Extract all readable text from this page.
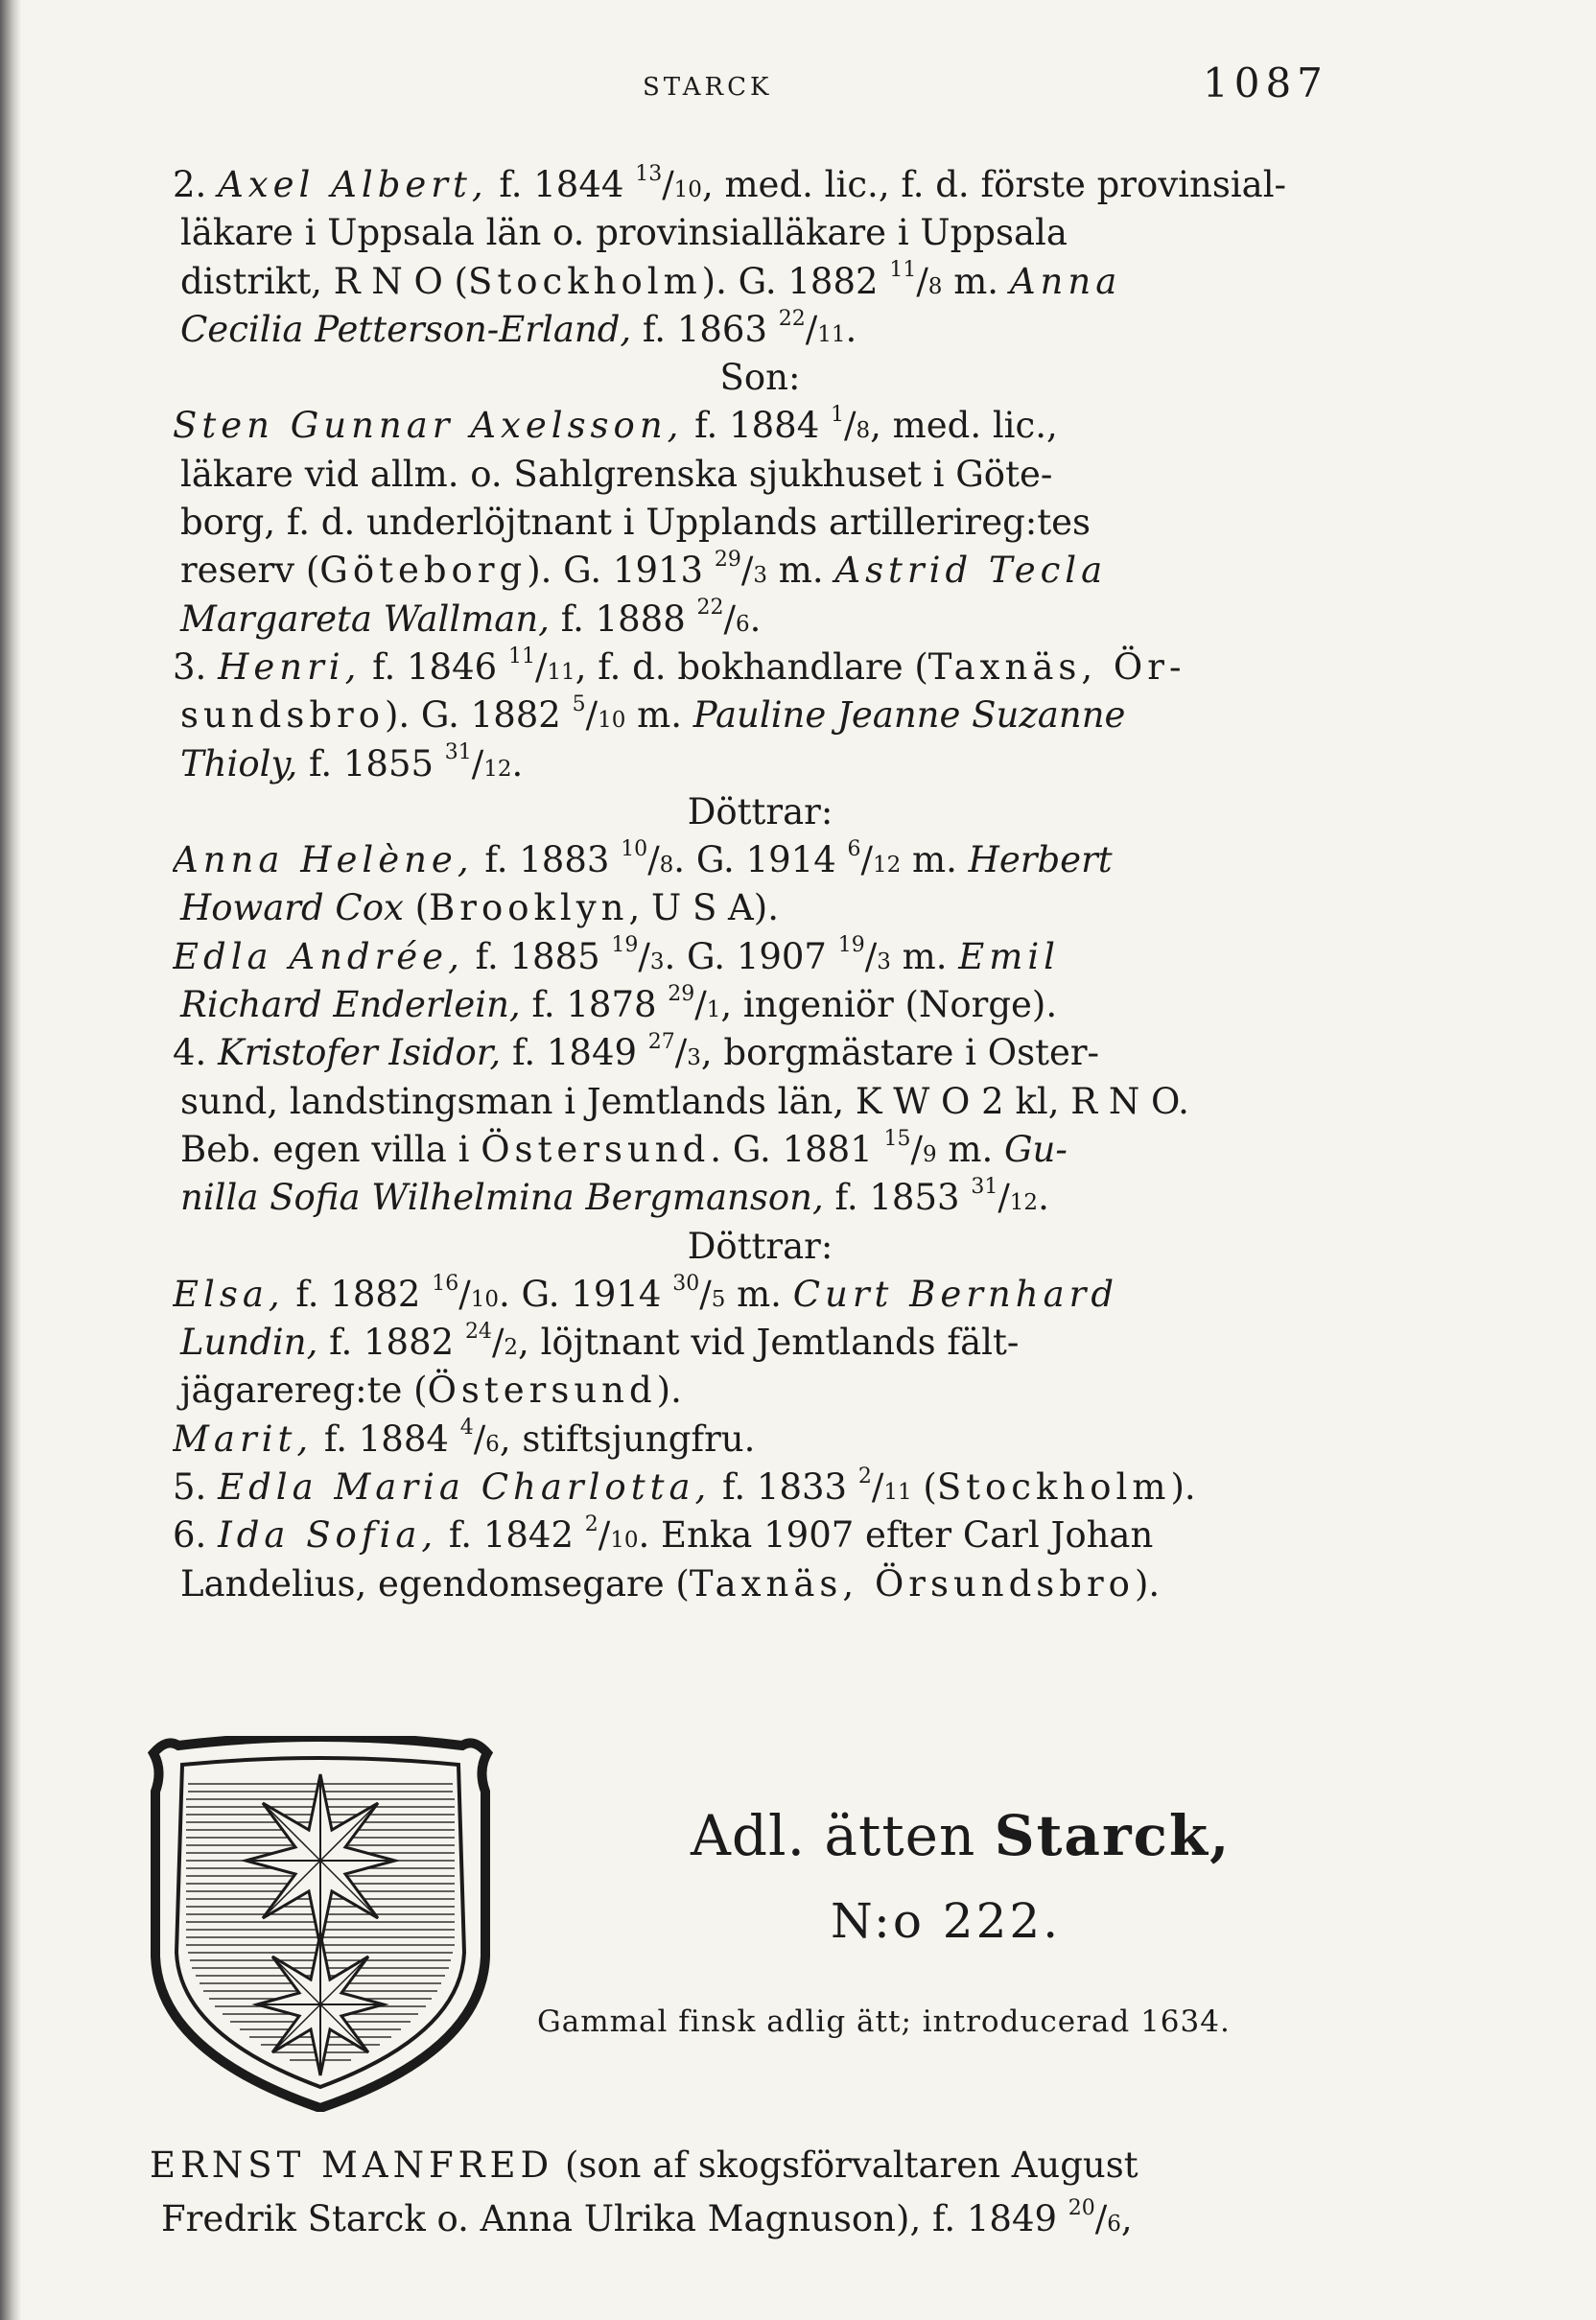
STARCK	1087
2. Axel Albert, f. 1844 $^{13}$/10, med. lic., f. d. förste provinsial-
läkare i Uppsala län o. provinsialläkare i Uppsala
distrikt, R N O (Stockholm). G. 1882 $^{11}$/8 m. Anna
Cecilia Petterson-Erland, f. 1863 $^{22}$/11.
Son:
Sten Gunnar Axelsson, f. 1884 $^1$/8, med. lic.,
läkare vid allm. o. Sahlgrenska sjukhuset i Göte-
borg, f. d. underlöjtnant i Upplands artillerireg:tes
reserv (Göteborg). G. 1913 $^{29}$/3 m. Astrid Tecla
Margareta Wallman, f. 1888 $^{22}$/6.
3. Henri, f. 1846 $^{11}$/11, f. d. bokhandlare (Taxnäs, Ör-
sundsbro). G. 1882 $^5$/10 m. Pauline Jeanne Suzanne
Thioly, f. 1855 $^{31}$/12.
Döttrar:
Anna Helène, f. 1883 $^{10}$/8. G. 1914 $^6$/12 m. Herbert
Howard Cox (Brooklyn, U S A).
Edla Andrée, f. 1885 $^{19}$/3. G. 1907 $^{19}$/3 m. Emil
Richard Enderlein, f. 1878 $^{29}$/1, ingeniör (Norge).
4. Kristofer Isidor, f. 1849 $^{27}$/3, borgmästare i Oster-
sund, landstingsman i Jemtlands län, K W O 2 kl, R N O.
Beb. egen villa i Östersund. G. 1881 $^{15}$/9 m. Gu-
nilla Sofia Wilhelmina Bergmanson, f. 1853 $^{31}$/12.
Döttrar:
Elsa, f. 1882 $^{16}$/10. G. 1914 $^{30}$/5 m. Curt Bernhard
Lundin, f. 1882 $^{24}$/2, löjtnant vid Jemtlands fält-
jägarereg:te (Östersund).
Marit, f. 1884 $^4$/6, stiftsjungfru.
5. Edla Maria Charlotta, f. 1833 $^2$/11 (Stockholm).
6. Ida Sofia, f. 1842 $^2$/10. Enka 1907 efter Carl Johan
Landelius, egendomsegare (Taxnäs, Örsundsbro).
Adl. ätten Starck,
N:o 222.
Gammal finsk adlig ätt; introducerad 1634.
ERNST MANFRED (son af skogsförvaltaren August
Fredrik Starck o. Anna Ulrika Magnuson), f. 1849 $^{20}$/6,
